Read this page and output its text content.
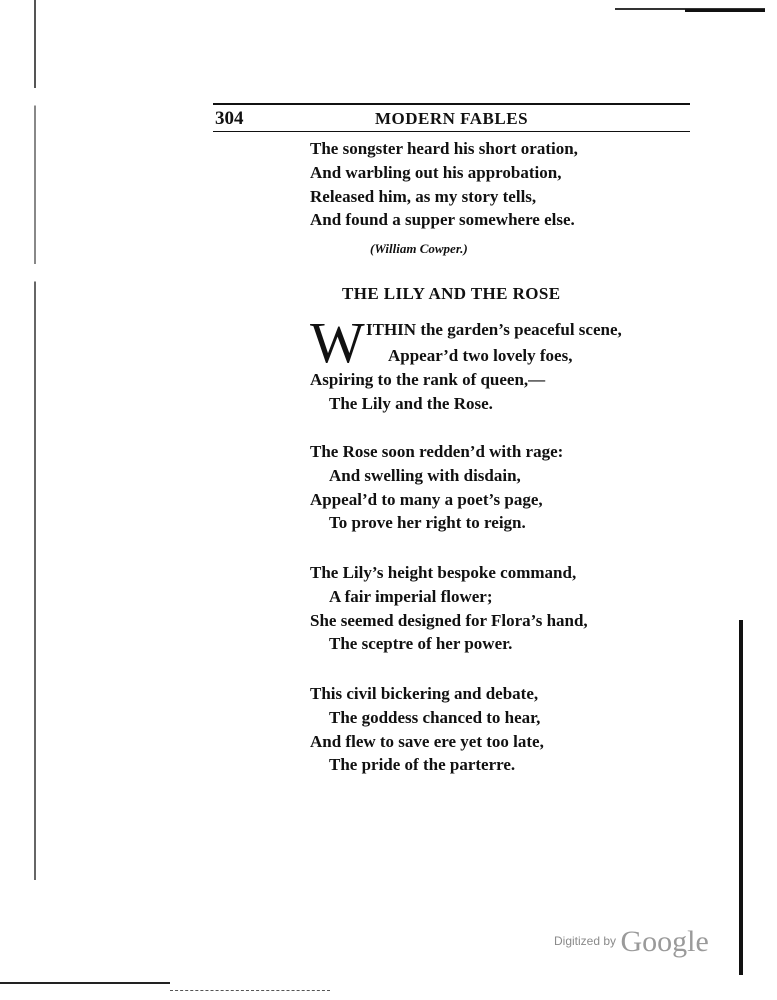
304	MODERN FABLES
The songster heard his short oration,
And warbling out his approbation,
Released him, as my story tells,
And found a supper somewhere else.
(William Cowper.)
THE LILY AND THE ROSE
W ITHIN the garden’s peaceful scene,
Appear’d two lovely foes,
Aspiring to the rank of queen,—
The Lily and the Rose.
The Rose soon redden’d with rage:
And swelling with disdain,
Appeal’d to many a poet’s page,
To prove her right to reign.
The Lily’s height bespoke command,
A fair imperial flower;
She seemed designed for Flora’s hand,
The sceptre of her power.
This civil bickering and debate,
The goddess chanced to hear,
And flew to save ere yet too late,
The pride of the parterre.
$^{Digitized by}$ Google
